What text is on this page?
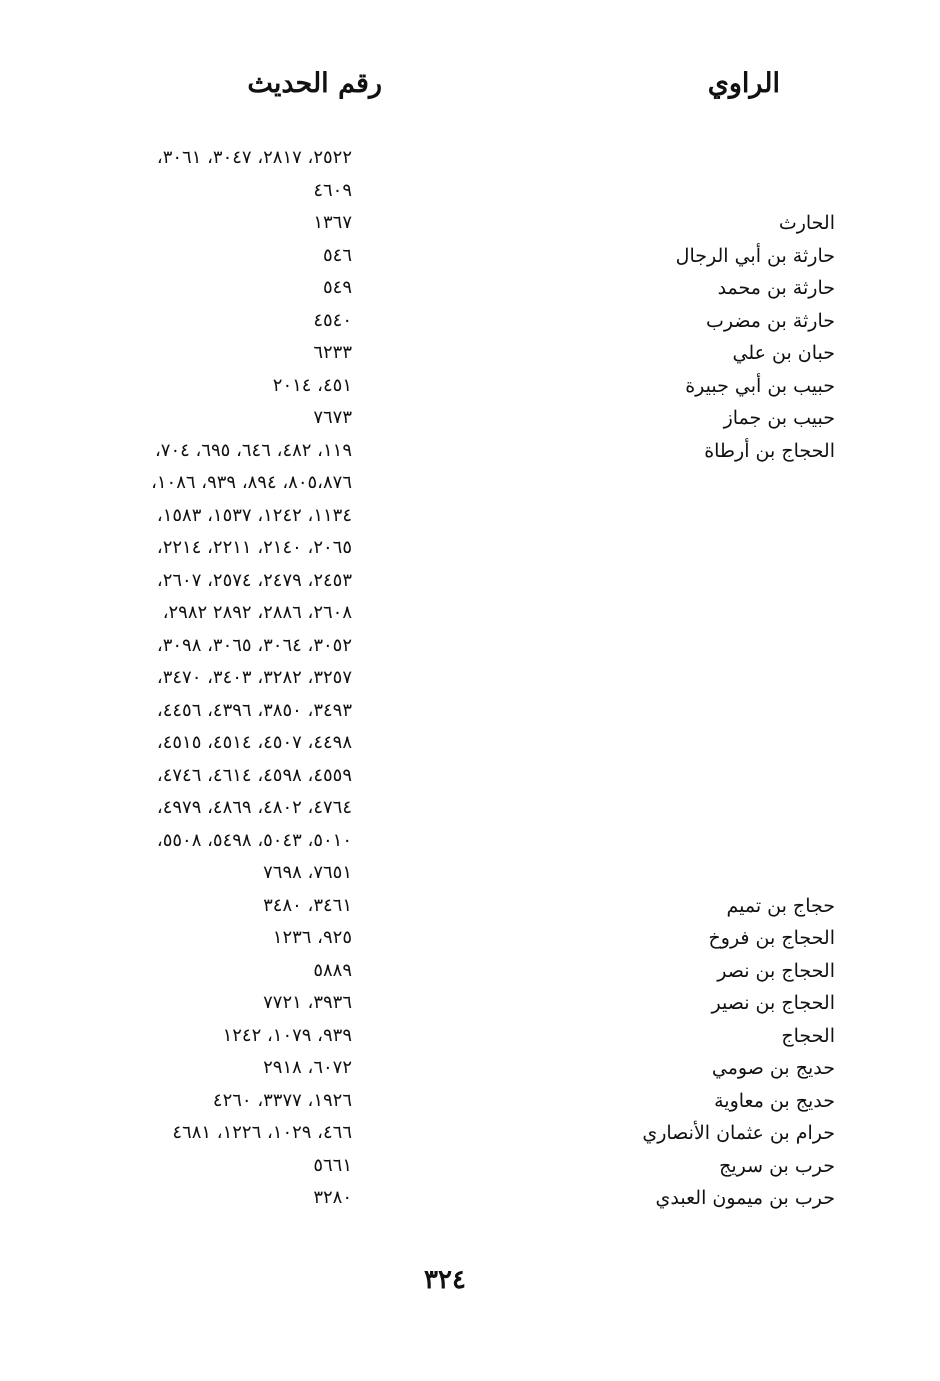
الراوي
رقم الحديث
٢٥٢٢، ٢٨١٧، ٣٠٤٧، ٣٠٦١،
٤٦٠٩
الحارث
١٣٦٧
حارثة بن أبي الرجال
٥٤٦
حارثة بن محمد
٥٤٩
حارثة بن مضرب
٤٥٤٠
حبان بن علي
٦٢٣٣
حبيب بن أبي جبيرة
٤٥١، ٢٠١٤
حبيب بن جماز
٧٦٧٣
الحجاج بن أرطاة
١١٩، ٤٨٢، ٦٤٦، ٦٩٥، ٧٠٤،
٨٠٥،٨٧٦، ٨٩٤، ٩٣٩، ١٠٨٦،
١١٣٤، ١٢٤٢، ١٥٣٧، ١٥٨٣،
٢٠٦٥، ٢١٤٠، ٢٢١١، ٢٢١٤،
٢٤٥٣، ٢٤٧٩، ٢٥٧٤، ٢٦٠٧،
٢٦٠٨، ٢٨٨٦، ٢٨٩٢ ٢٩٨٢،
٣٠٥٢، ٣٠٦٤، ٣٠٦٥، ٣٠٩٨،
٣٢٥٧، ٣٢٨٢، ٣٤٠٣، ٣٤٧٠،
٣٤٩٣، ٣٨٥٠، ٤٣٩٦، ٤٤٥٦،
٤٤٩٨، ٤٥٠٧، ٤٥١٤، ٤٥١٥،
٤٥٥٩، ٤٥٩٨، ٤٦١٤، ٤٧٤٦،
٤٧٦٤، ٤٨٠٢، ٤٨٦٩، ٤٩٧٩،
٥٠١٠، ٥٠٤٣، ٥٤٩٨، ٥٥٠٨،
٧٦٥١، ٧٦٩٨
حجاج بن تميم
٣٤٦١، ٣٤٨٠
الحجاج بن فروخ
٩٢٥، ١٢٣٦
الحجاج بن نصر
٥٨٨٩
الحجاج بن نصير
٣٩٣٦، ٧٧٢١
الحجاج
٩٣٩، ١٠٧٩، ١٢٤٢
حديج بن صومي
٦٠٧٢، ٢٩١٨
حديج بن معاوية
١٩٢٦، ٣٣٧٧، ٤٢٦٠
حرام بن عثمان الأنصاري
٤٦٦، ١٠٢٩، ١٢٢٦، ٤٦٨١
حرب بن سريج
٥٦٦١
حرب بن ميمون العبدي
٣٢٨٠
٣٢٤
